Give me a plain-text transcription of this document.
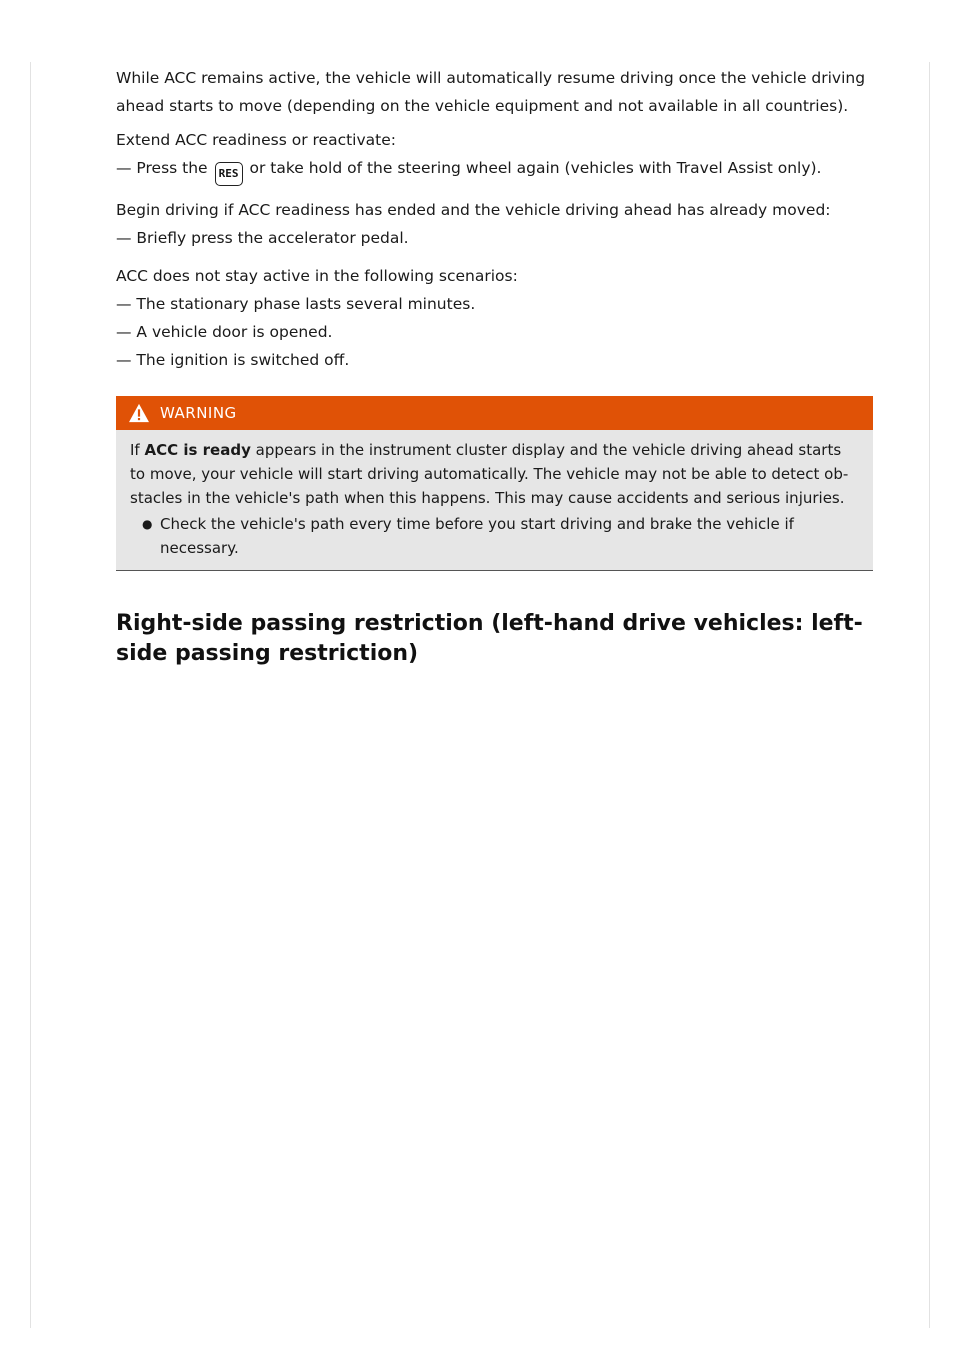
While ACC remains active, the vehicle will automatically resume driving once the vehicle driving ahead starts to move (depending on the vehicle equipment and not available in all countries).

Extend ACC readiness or reactivate:

— Press the RES or take hold of the steering wheel again (vehicles with Travel Assist only).

Begin driving if ACC readiness has ended and the vehicle driving ahead has already moved:

— Briefly press the accelerator pedal.

ACC does not stay active in the following scenarios:

— The stationary phase lasts several minutes.

— A vehicle door is opened.

— The ignition is switched off.

WARNING
If ACC is ready appears in the instrument cluster display and the vehicle driving ahead starts to move, your vehicle will start driving automatically. The vehicle may not be able to detect obstacles in the vehicle's path when this happens. This may cause accidents and serious injuries.
● Check the vehicle's path every time before you start driving and brake the vehicle if necessary.
Right-side passing restriction (left-hand drive vehicles: left-side passing restriction)
